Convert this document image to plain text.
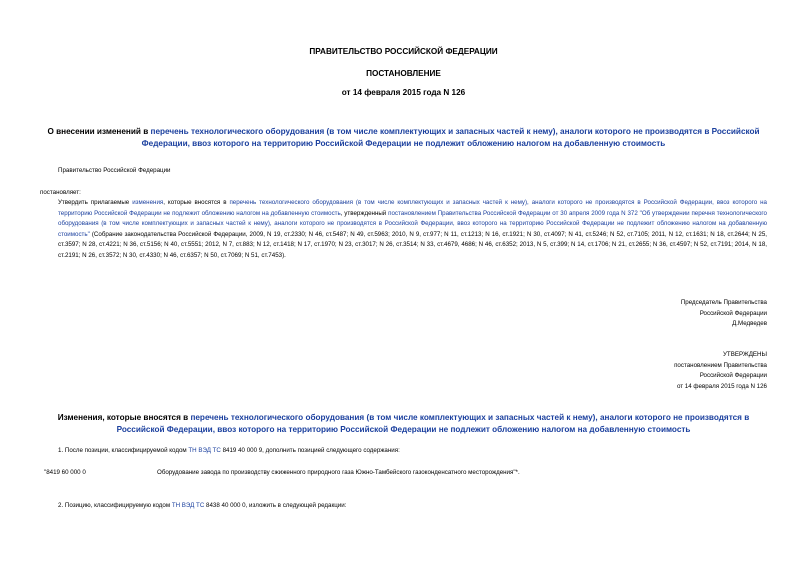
ПРАВИТЕЛЬСТВО РОССИЙСКОЙ ФЕДЕРАЦИИ
ПОСТАНОВЛЕНИЕ
от 14 февраля 2015 года N 126
О внесении изменений в перечень технологического оборудования (в том числе комплектующих и запасных частей к нему), аналоги которого не производятся в Российской Федерации, ввоз которого на территорию Российской Федерации не подлежит обложению налогом на добавленную стоимость
Правительство Российской Федерации
постановляет:
Утвердить прилагаемые изменения, которые вносятся в перечень технологического оборудования (в том числе комплектующих и запасных частей к нему), аналоги которого не производятся в Российской Федерации, ввоз которого на территорию Российской Федерации не подлежит обложению налогом на добавленную стоимость, утвержденный постановлением Правительства Российской Федерации от 30 апреля 2009 года N 372 "Об утверждении перечня технологического оборудования (в том числе комплектующих и запасных частей к нему), аналоги которого не производятся в Российской Федерации, ввоз которого на территорию Российской Федерации не подлежит обложению налогом на добавленную стоимость" (Собрание законодательства Российской Федерации, 2009, N 19, ст.2330; N 46, ст.5487; N 49, ст.5963; 2010, N 9, ст.977; N 11, ст.1213; N 16, ст.1921; N 30, ст.4097; N 41, ст.5246; N 52, ст.7105; 2011, N 12, ст.1631; N 18, ст.2644; N 25, ст.3597; N 28, ст.4221; N 36, ст.5156; N 40, ст.5551; 2012, N 7, ст.883; N 12, ст.1418; N 17, ст.1970; N 23, ст.3017; N 26, ст.3514; N 33, ст.4679, 4686; N 46, ст.6352; 2013, N 5, ст.399; N 14, ст.1706; N 21, ст.2655; N 36, ст.4597; N 52, ст.7191; 2014, N 18, ст.2191; N 26, ст.3572; N 30, ст.4330; N 46, ст.6357; N 50, ст.7069; N 51, ст.7453).
Председатель Правительства
Российской Федерации
Д.Медведев
УТВЕРЖДЕНЫ
постановлением Правительства
Российской Федерации
от 14 февраля 2015 года N 126
Изменения, которые вносятся в перечень технологического оборудования (в том числе комплектующих и запасных частей к нему), аналоги которого не производятся в Российской Федерации, ввоз которого на территорию Российской Федерации не подлежит обложению налогом на добавленную стоимость
1. После позиции, классифицируемой кодом ТН ВЭД ТС 8419 40 000 9, дополнить позицией следующего содержания:
"8419 60 000 0	Оборудование завода по производству сжиженного природного газа Южно-Тамбейского газоконденсатного месторождения"*.
2. Позицию, классифицируемую кодом ТН ВЭД ТС 8438 40 000 0, изложить в следующей редакции:
